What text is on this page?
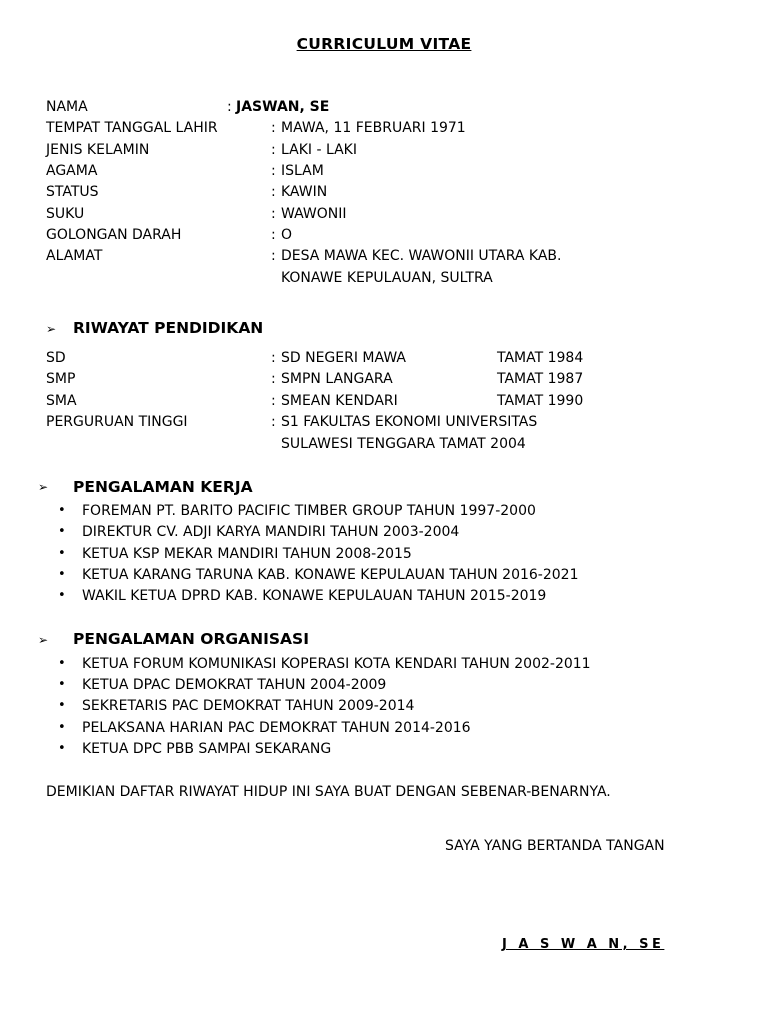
CURRICULUM VITAE
NAMA	: JASWAN, SE
TEMPAT TANGGAL LAHIR	: MAWA, 11 FEBRUARI 1971
JENIS KELAMIN	: LAKI - LAKI
AGAMA	: ISLAM
STATUS	: KAWIN
SUKU	: WAWONII
GOLONGAN DARAH	: O
ALAMAT	: DESA MAWA KEC. WAWONII UTARA KAB.
KONAWE KEPULAUAN, SULTRA
➢ RIWAYAT PENDIDIKAN
SD	: SD NEGERI MAWA	TAMAT 1984
SMP	: SMPN LANGARA	TAMAT 1987
SMA	: SMEAN KENDARI	TAMAT 1990
PERGURUAN TINGGI	: S1 FAKULTAS EKONOMI UNIVERSITAS
SULAWESI TENGGARA TAMAT 2004
➢ PENGALAMAN KERJA
• FOREMAN PT. BARITO PACIFIC TIMBER GROUP TAHUN 1997-2000
• DIREKTUR CV. ADJI KARYA MANDIRI TAHUN 2003-2004
• KETUA KSP MEKAR MANDIRI TAHUN 2008-2015
• KETUA KARANG TARUNA KAB. KONAWE KEPULAUAN TAHUN 2016-2021
• WAKIL KETUA DPRD KAB. KONAWE KEPULAUAN TAHUN 2015-2019
➢ PENGALAMAN ORGANISASI
• KETUA FORUM KOMUNIKASI KOPERASI KOTA KENDARI TAHUN 2002-2011
• KETUA DPAC DEMOKRAT TAHUN 2004-2009
• SEKRETARIS PAC DEMOKRAT TAHUN 2009-2014
• PELAKSANA HARIAN PAC DEMOKRAT TAHUN 2014-2016
• KETUA DPC PBB SAMPAI SEKARANG
DEMIKIAN DAFTAR RIWAYAT HIDUP INI SAYA BUAT DENGAN SEBENAR-BENARNYA.
SAYA YANG BERTANDA TANGAN
J A S W A N, SE
